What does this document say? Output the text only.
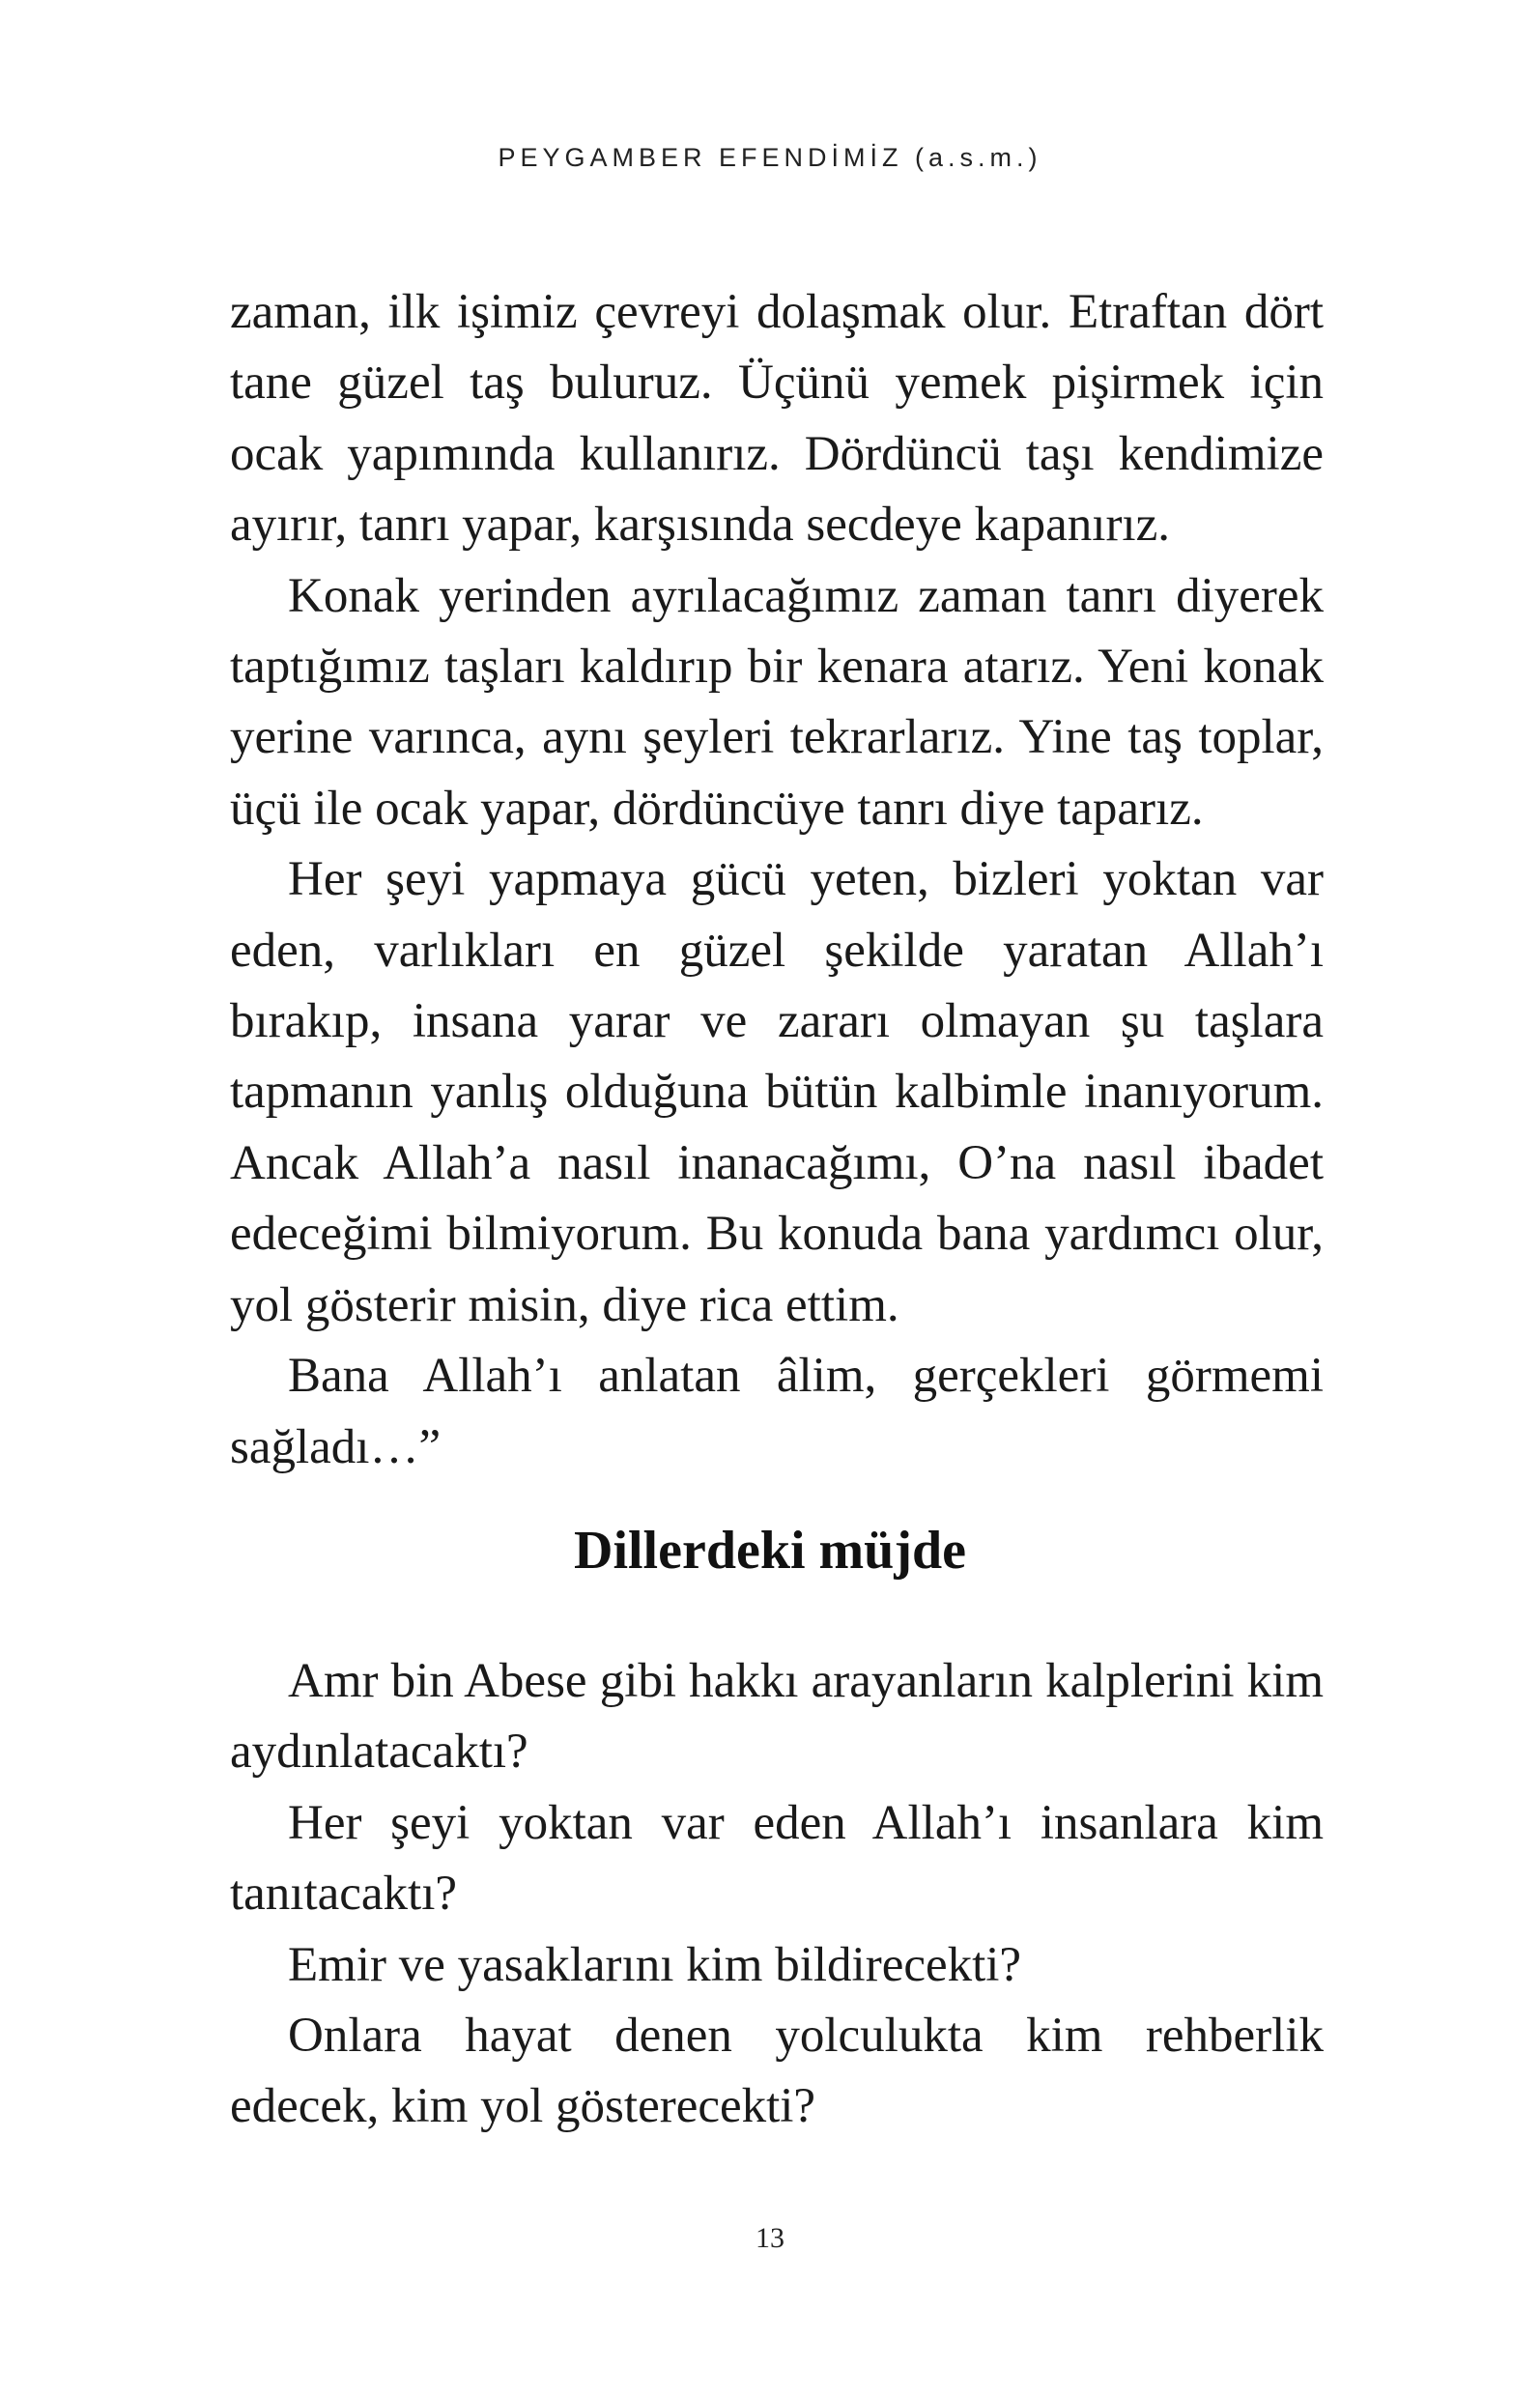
PEYGAMBER EFENDİMİZ (a.s.m.)

zaman, ilk işimiz çevreyi dolaşmak olur. Etraftan dört tane güzel taş buluruz. Üçünü yemek pişirmek için ocak yapımında kullanırız. Dördüncü taşı kendimize ayırır, tanrı yapar, karşısında secdeye kapanırız.

Konak yerinden ayrılacağımız zaman tanrı diyerek taptığımız taşları kaldırıp bir kenara atarız. Yeni konak yerine varınca, aynı şeyleri tekrarlarız. Yine taş toplar, üçü ile ocak yapar, dördüncüye tanrı diye taparız.

Her şeyi yapmaya gücü yeten, bizleri yoktan var eden, varlıkları en güzel şekilde yaratan Allah’ı bırakıp, insana yarar ve zararı olmayan şu taşlara tapmanın yanlış olduğuna bütün kalbimle inanıyorum. Ancak Allah’a nasıl inanacağımı, O’na nasıl ibadet edeceğimi bilmiyorum. Bu konuda bana yardımcı olur, yol gösterir misin, diye rica ettim.

Bana Allah’ı anlatan âlim, gerçekleri görmemi sağladı…”

Dillerdeki müjde

Amr bin Abese gibi hakkı arayanların kalplerini kim aydınlatacaktı?

Her şeyi yoktan var eden Allah’ı insanlara kim tanıtacaktı?

Emir ve yasaklarını kim bildirecekti?

Onlara hayat denen yolculukta kim rehberlik edecek, kim yol gösterecekti?

13
